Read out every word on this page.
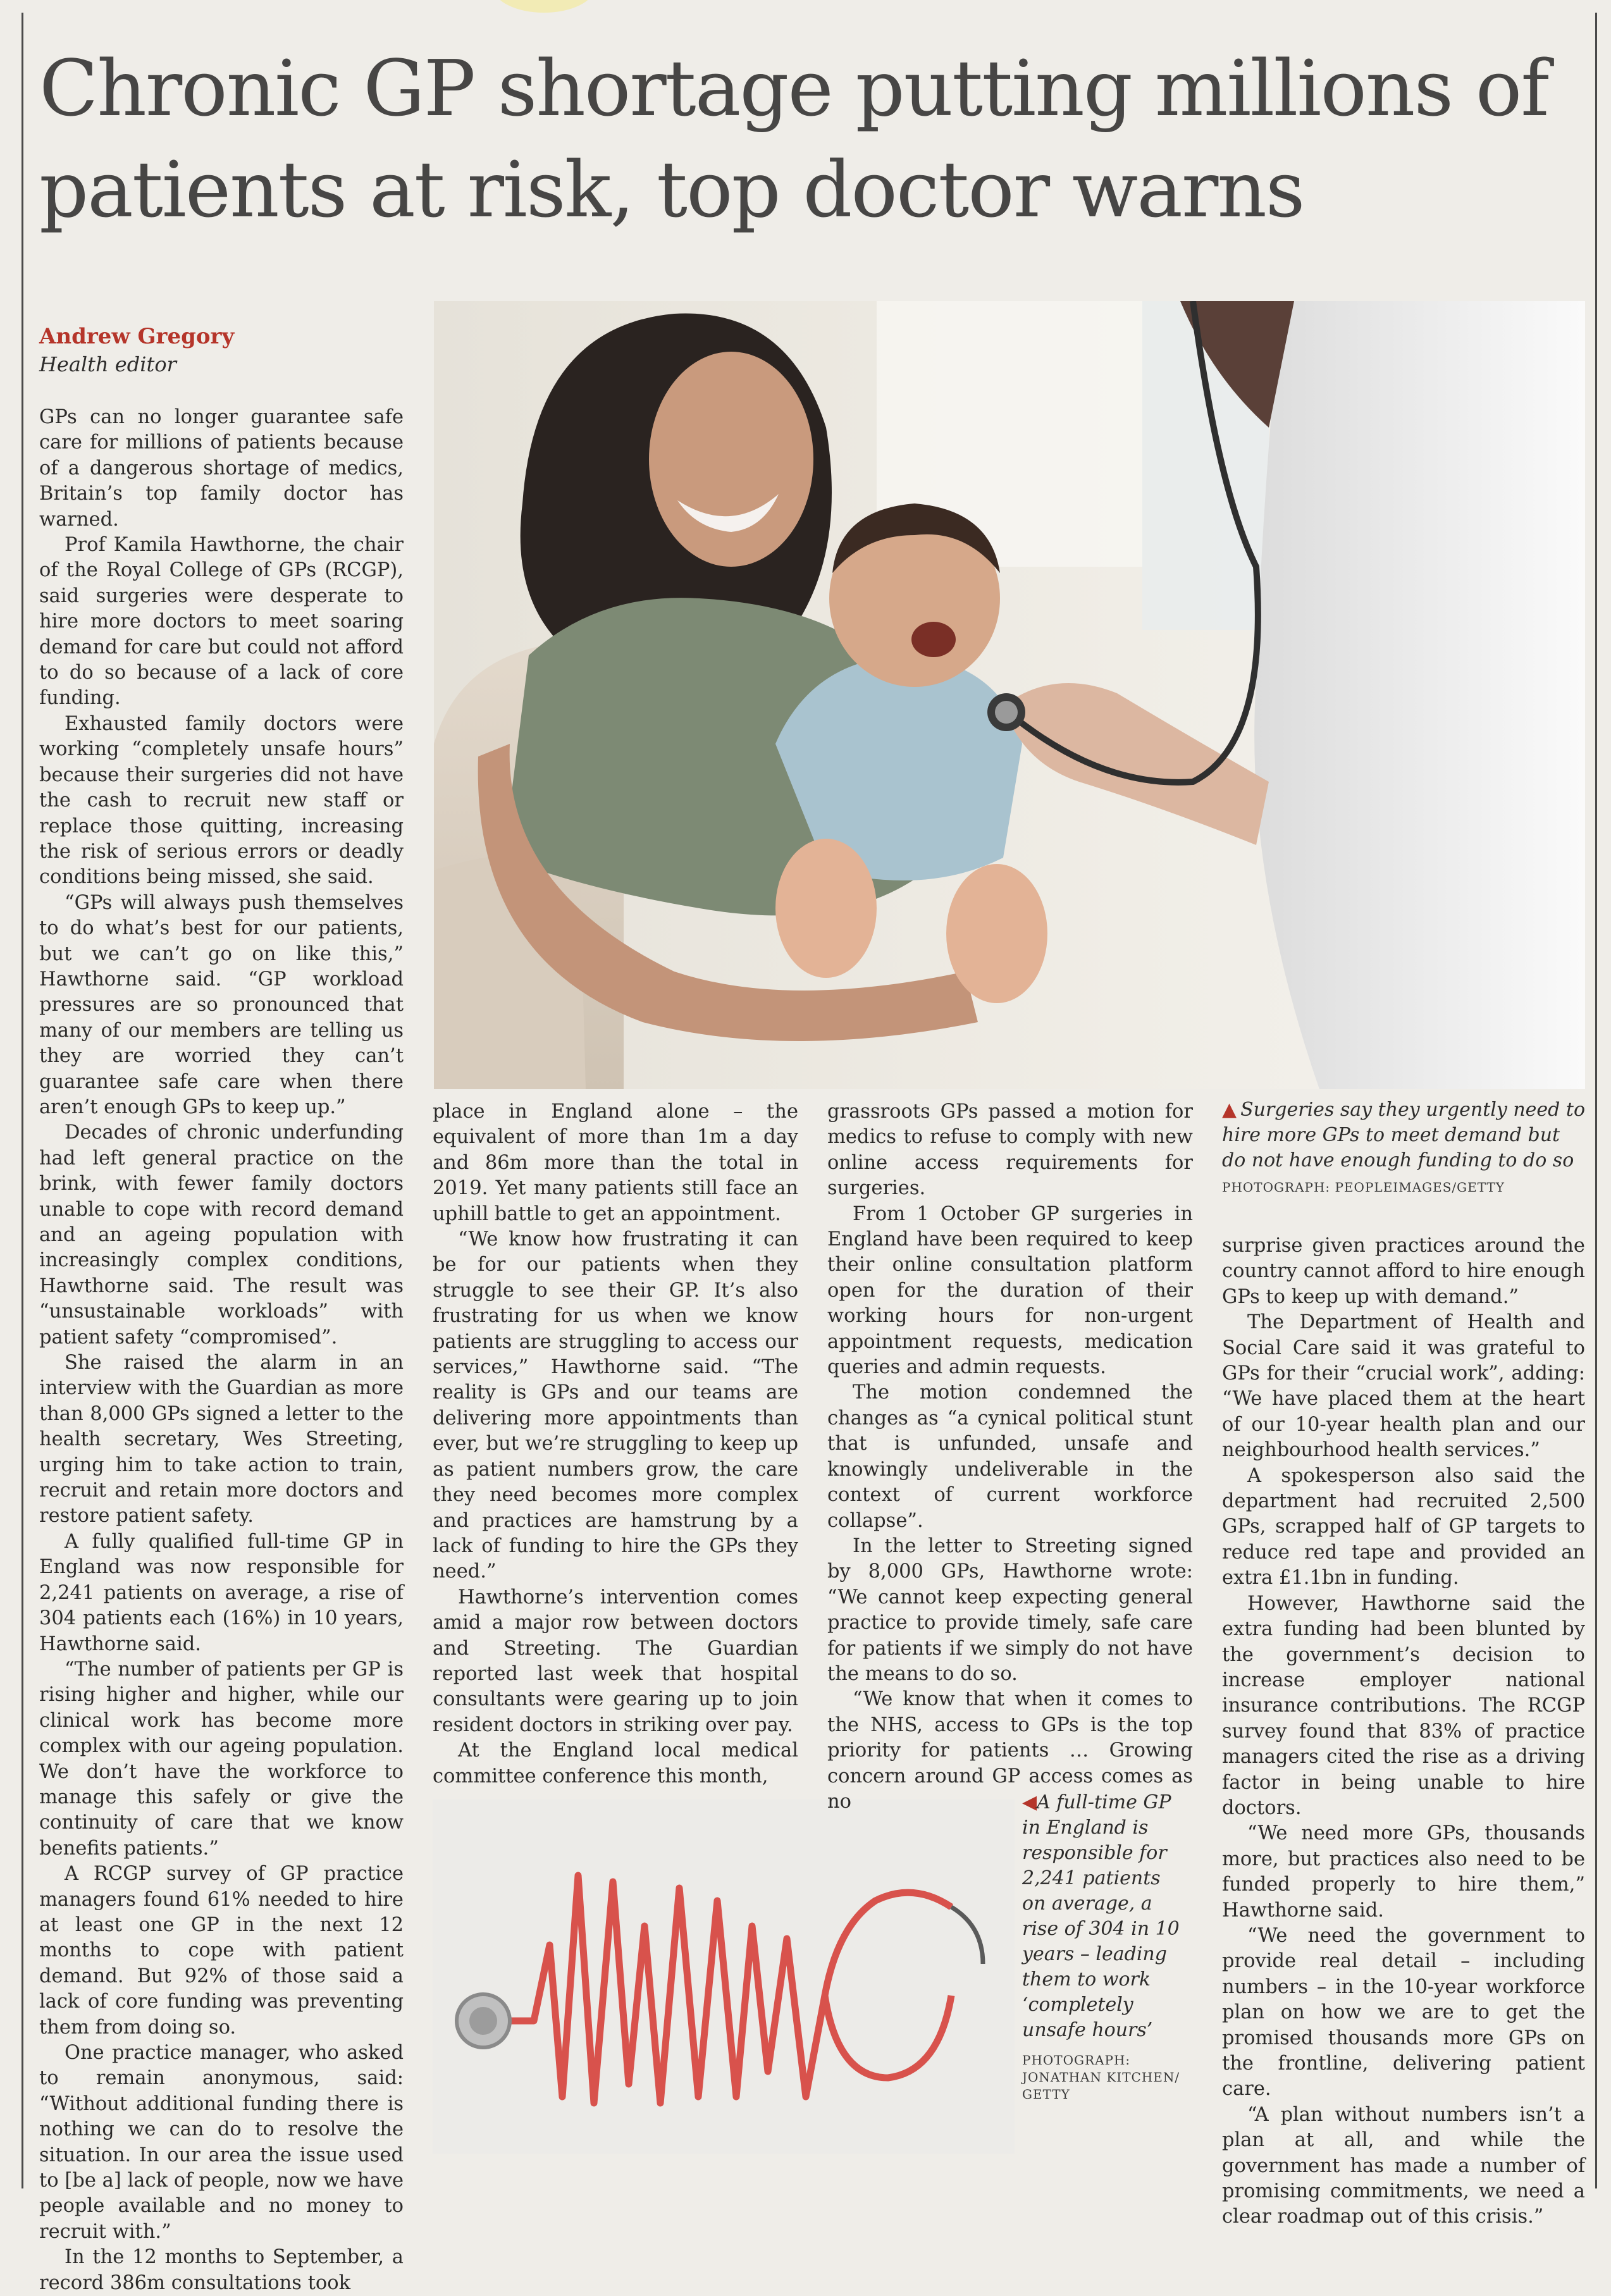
Chronic GP shortage putting millions of patients at risk, top doctor warns
Andrew Gregory
Health editor
▲  Surgeries say they urgently need to hire more GPs to meet demand but do not have enough funding to do so
PHOTOGRAPH: PEOPLEIMAGES/GETTY
◀A full-time GP in England is responsible for 2,241 patients on average, a rise of 304 in 10 years – leading them to work ‘completely unsafe hours’
PHOTOGRAPH: JONATHAN KITCHEN/ GETTY

GPs can no longer guarantee safe care for millions of patients because of a dangerous shortage of medics, Britain’s top family doctor has warned.

Prof Kamila Hawthorne, the chair of the Royal College of GPs (RCGP), said surgeries were desperate to hire more doctors to meet soaring demand for care but could not afford to do so because of a lack of core funding.

Exhausted family doctors were working “completely unsafe hours” because their surgeries did not have the cash to recruit new staff or replace those quitting, increasing the risk of serious errors or deadly conditions being missed, she said.

“GPs will always push themselves to do what’s best for our patients, but we can’t go on like this,” Hawthorne said. “GP workload pressures are so pronounced that many of our members are telling us they are worried they can’t guarantee safe care when there aren’t enough GPs to keep up.”

Decades of chronic underfunding had left general practice on the brink, with fewer family doctors unable to cope with record demand and an ageing population with increasingly complex conditions, Hawthorne said. The result was “unsustainable workloads” with patient safety “compromised”.

She raised the alarm in an interview with the Guardian as more than 8,000 GPs signed a letter to the health secretary, Wes Streeting, urging him to take action to train, recruit and retain more doctors and restore patient safety.

A fully qualified full-time GP in England was now responsible for 2,241 patients on average, a rise of 304 patients each (16%) in 10 years, Hawthorne said.

“The number of patients per GP is rising higher and higher, while our clinical work has become more complex with our ageing population. We don’t have the workforce to manage this safely or give the continuity of care that we know benefits patients.”

A RCGP survey of GP practice managers found 61% needed to hire at least one GP in the next 12 months to cope with patient demand. But 92% of those said a lack of core funding was preventing them from doing so.

One practice manager, who asked to remain anonymous, said: “Without additional funding there is nothing we can do to resolve the situation. In our area the issue used to [be a] lack of people, now we have people available and no money to recruit with.”

In the 12 months to September, a record 386m consultations took

place in England alone – the equivalent of more than 1m a day and 86m more than the total in 2019. Yet many patients still face an uphill battle to get an appointment.

“We know how frustrating it can be for our patients when they struggle to see their GP. It’s also frustrating for us when we know patients are struggling to access our services,” Hawthorne said. “The reality is GPs and our teams are delivering more appointments than ever, but we’re struggling to keep up as patient numbers grow, the care they need becomes more complex and practices are hamstrung by a lack of funding to hire the GPs they need.”

Hawthorne’s intervention comes amid a major row between doctors and Streeting. The Guardian reported last week that hospital consultants were gearing up to join resident doctors in striking over pay.

At the England local medical committee conference this month,

grassroots GPs passed a motion for medics to refuse to comply with new online access requirements for surgeries.

From 1 October GP surgeries in England have been required to keep their online consultation platform open for the duration of their working hours for non-urgent appointment requests, medication queries and admin requests.

The motion condemned the changes as “a cynical political stunt that is unfunded, unsafe and knowingly undeliverable in the context of current workforce collapse”.

In the letter to Streeting signed by 8,000 GPs, Hawthorne wrote: “We cannot keep expecting general practice to provide timely, safe care for patients if we simply do not have the means to do so.

“We know that when it comes to the NHS, access to GPs is the top priority for patients … Growing concern around GP access comes as no

surprise given practices around the country cannot afford to hire enough GPs to keep up with demand.”

The Department of Health and Social Care said it was grateful to GPs for their “crucial work”, adding: “We have placed them at the heart of our 10-year health plan and our neighbourhood health services.”

A spokesperson also said the department had recruited 2,500 GPs, scrapped half of GP targets to reduce red tape and provided an extra £1.1bn in funding.

However, Hawthorne said the extra funding had been blunted by the government’s decision to increase employer national insurance contributions. The RCGP survey found that 83% of practice managers cited the rise as a driving factor in being unable to hire doctors.

“We need more GPs, thousands more, but practices also need to be funded properly to hire them,” Hawthorne said.

“We need the government to provide real detail – including numbers – in the 10-year workforce plan on how we are to get the promised thousands more GPs on the frontline, delivering patient care.

“A plan without numbers isn’t a plan at all, and while the government has made a number of promising commitments, we need a clear roadmap out of this crisis.”
